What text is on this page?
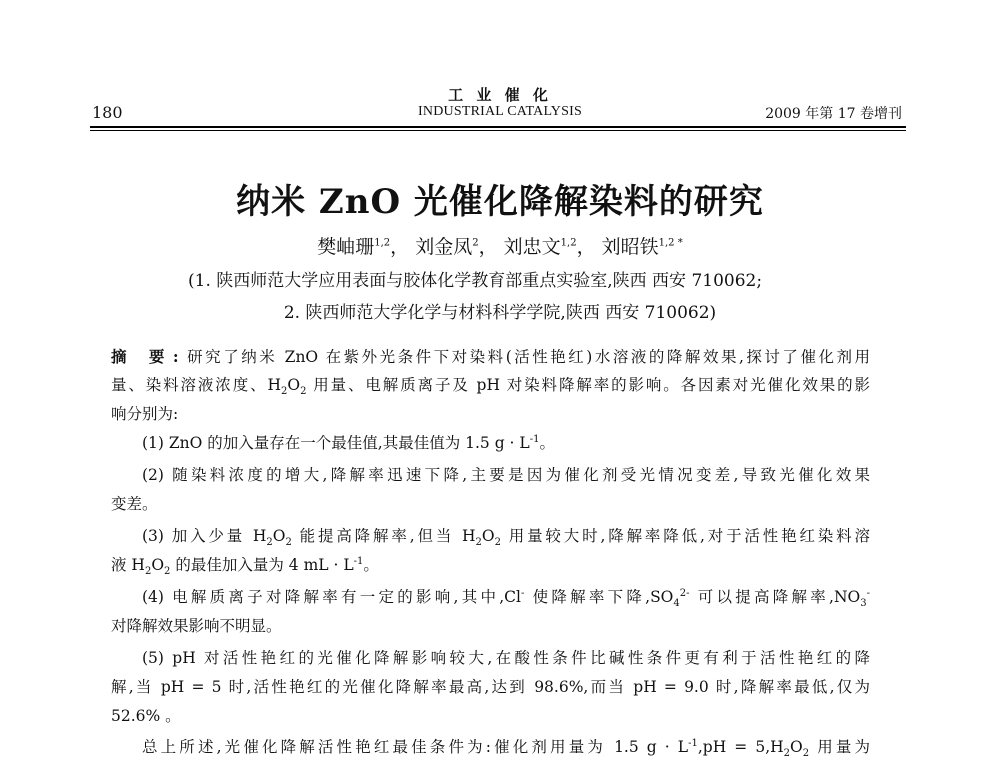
工 业 催 化
180	INDUSTRIAL CATALYSIS	2009 年第 17 卷增刊
纳米 ZnO 光催化降解染料的研究
樊岫珊$^{1,2}$， 刘金凤$^2$， 刘忠文$^{1,2}$， 刘昭铁$^{1,2 *}$
(1. 陕西师范大学应用表面与胶体化学教育部重点实验室,陕西 西安 710062;
2. 陕西师范大学化学与材料科学学院,陕西 西安 710062)
摘 要:研究了纳米 ZnO 在紫外光条件下对染料(活性艳红)水溶液的降解效果,探讨了催化剂用
量、染料溶液浓度、$H_2O_2$ 用量、电解质离子及 pH 对染料降解率的影响。各因素对光催化效果的影
响分别为:
(1) ZnO 的加入量存在一个最佳值,其最佳值为 1.5 $g \cdot L^{-1}$。
(2) 随染料浓度的增大,降解率迅速下降,主要是因为催化剂受光情况变差,导致光催化效果
变差。
(3) 加入少量 $H_2O_2$ 能提高降解率,但当 $H_2O_2$ 用量较大时,降解率降低,对于活性艳红染料溶
液 $H_2O_2$ 的最佳加入量为 4 mL · $L^{-1}$。
(4) 电解质离子对降解率有一定的影响,其中,Cl- 使降解率下降$,SO_4^{2-}$ 可以提高降解率$,NO_3^-$
对降解效果影响不明显。
(5) pH 对活性艳红的光催化降解影响较大,在酸性条件比碱性条件更有利于活性艳红的降
解,当 pH = 5 时,活性艳红的光催化降解率最高,达到 98.6%,而当 pH = 9.0 时,降解率最低,仅为
52.6% 。
总上所述,光催化降解活性艳红最佳条件为:催化剂用量为 1.5 $g \cdot L^{-1},pH = 5,H_2O_2$ 用量为
